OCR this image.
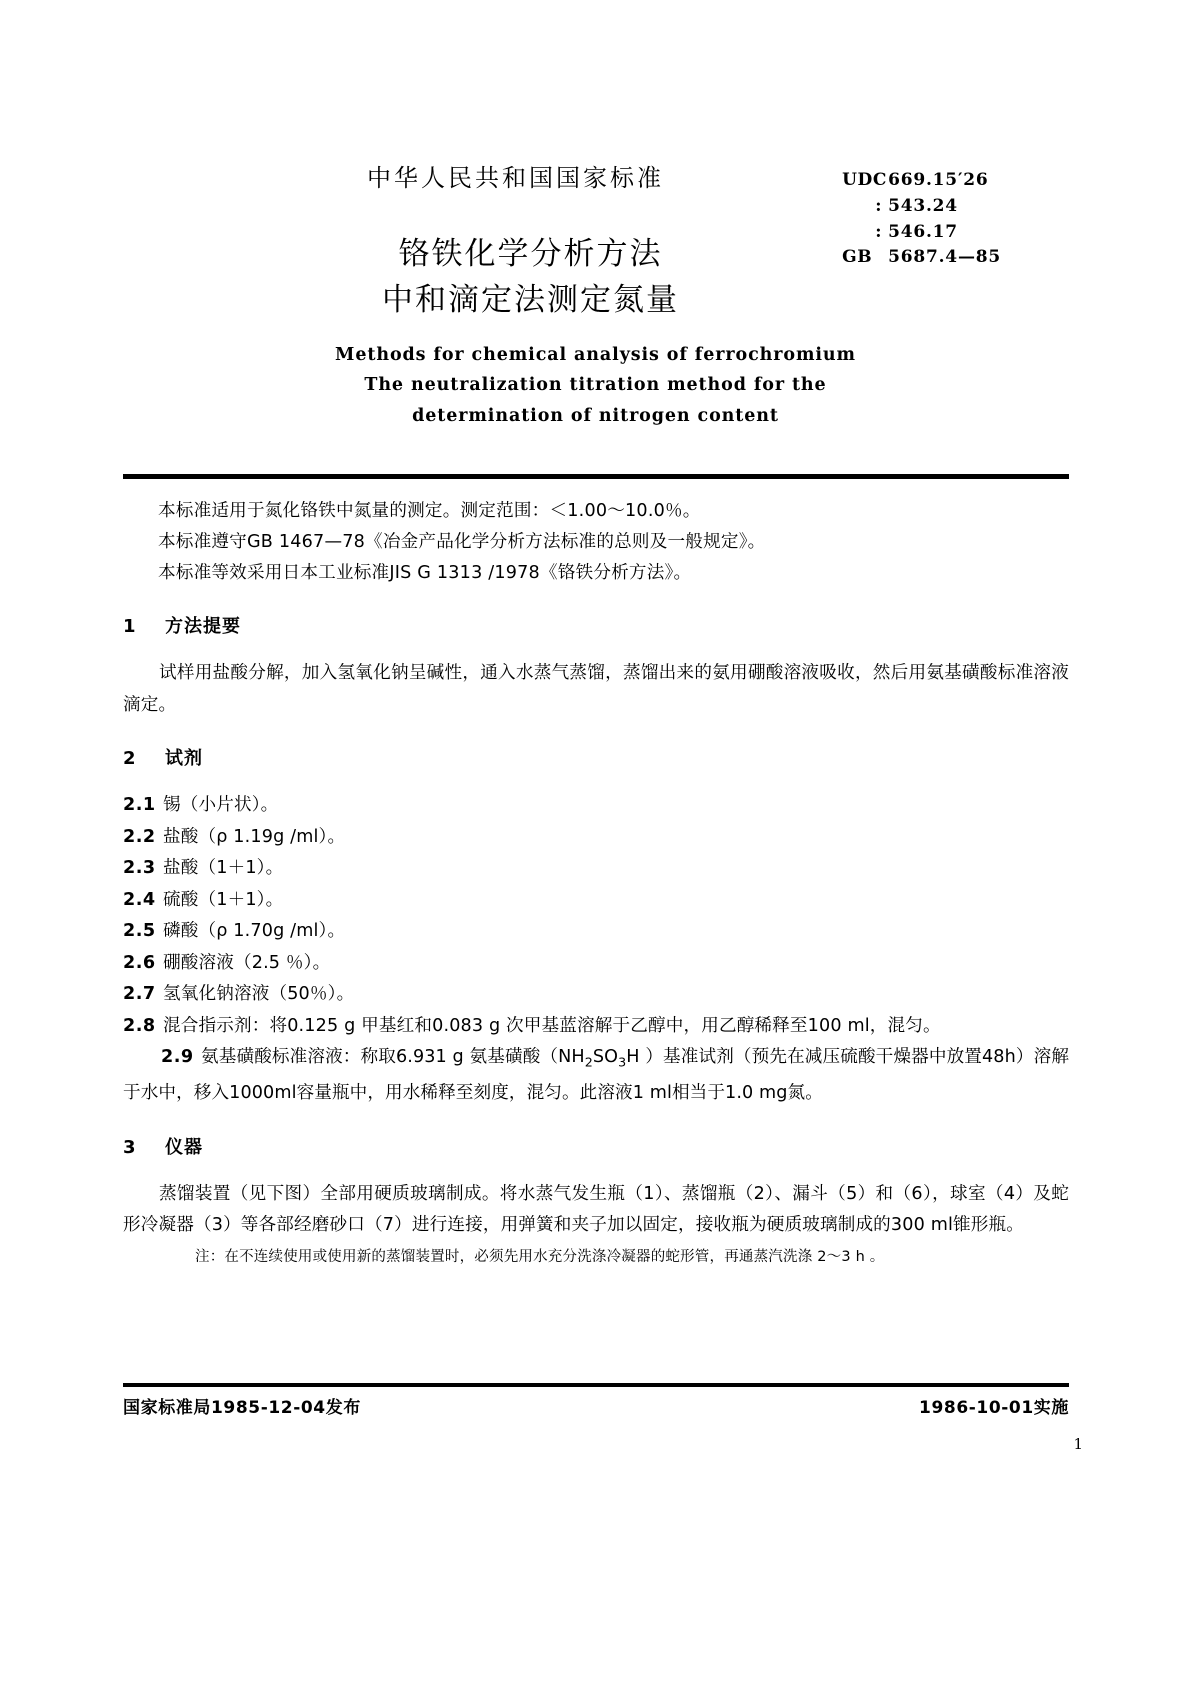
中华人民共和国国家标准	UDC669.15′26
: 543.24
: 546.17
GB 5687.4—85
铬铁化学分析方法
中和滴定法测定氮量
Methods for chemical analysis of ferrochromium
The neutralization titration method for the
determination of nitrogen content

本标准适用于氮化铬铁中氮量的测定。测定范围：＜1.00～10.0％。

本标准遵守GB 1467—78《冶金产品化学分析方法标准的总则及一般规定》。

本标准等效采用日本工业标准JIS G 1313 /1978《铬铁分析方法》。

1 方法提要

试样用盐酸分解，加入氢氧化钠呈碱性，通入水蒸气蒸馏，蒸馏出来的氨用硼酸溶液吸收，然后用氨基磺酸标准溶液滴定。

2 试剂

2.1 锡（小片状）。

2.2 盐酸（ρ 1.19g /ml）。

2.3 盐酸（1＋1）。

2.4 硫酸（1＋1）。

2.5 磷酸（ρ 1.70g /ml）。

2.6 硼酸溶液（2.5 ％）。

2.7 氢氧化钠溶液（50％）。

2.8 混合指示剂：将0.125 g 甲基红和0.083 g 次甲基蓝溶解于乙醇中，用乙醇稀释至100 ml，混匀。

2.9 氨基磺酸标准溶液：称取6.931 g 氨基磺酸（$NH_2SO_3H$ ）基准试剂（预先在减压硫酸干燥器中放置48h）溶解于水中，移入1000ml容量瓶中，用水稀释至刻度，混匀。此溶液1 ml相当于1.0 mg氮。

3 仪器

蒸馏装置（见下图）全部用硬质玻璃制成。将水蒸气发生瓶（1）、蒸馏瓶（2）、漏斗（5）和（6），球室（4）及蛇形冷凝器（3）等各部经磨砂口（7）进行连接，用弹簧和夹子加以固定，接收瓶为硬质玻璃制成的300 ml锥形瓶。

注：在不连续使用或使用新的蒸馏装置时，必须先用水充分洗涤冷凝器的蛇形管，再通蒸汽洗涤 2～3 h 。

国家标准局1985-12-04发布	1986-10-01实施
1
